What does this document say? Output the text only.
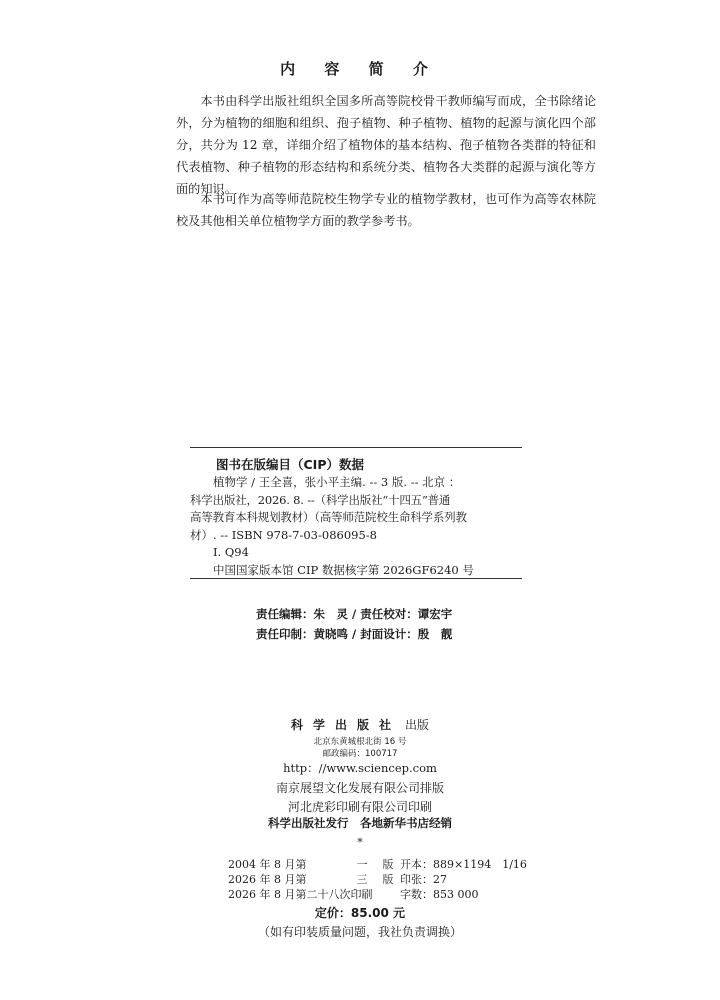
内 容 简 介

本书由科学出版社组织全国多所高等院校骨干教师编写而成，全书除绪论外，分为植物的细胞和组织、孢子植物、种子植物、植物的起源与演化四个部分，共分为 12 章，详细介绍了植物体的基本结构、孢子植物各类群的特征和代表植物、种子植物的形态结构和系统分类、植物各大类群的起源与演化等方面的知识。

本书可作为高等师范院校生物学专业的植物学教材，也可作为高等农林院校及其他相关单位植物学方面的教学参考书。

图书在版编目（CIP）数据
植物学 / 王全喜，张小平主编. -- 3 版. -- 北京 ：
科学出版社，2026. 8. --（科学出版社“十四五”普通
高等教育本科规划教材）（高等师范院校生命科学系列教
材）. -- ISBN 978-7-03-086095-8
Ⅰ. Q94
中国国家版本馆 CIP 数据核字第 2026GF6240 号
责任编辑：朱　灵 / 责任校对：谭宏宇
责任印制：黄晓鸣 / 封面设计：殷　靓
科学出版社 出版
北京东黄城根北街 16 号
邮政编码：100717
http：//www.sciencep.com
南京展望文化发展有限公司排版
河北虎彩印刷有限公司印刷
科学出版社发行　各地新华书店经销
*
2004 年 8 月第	一 版 开本：889×1194　1/16
2026 年 8 月第	三 版 印张：27
2026 年 8 月第二十八次印刷	字数：853 000
定价：85.00 元
（如有印装质量问题，我社负责调换）
